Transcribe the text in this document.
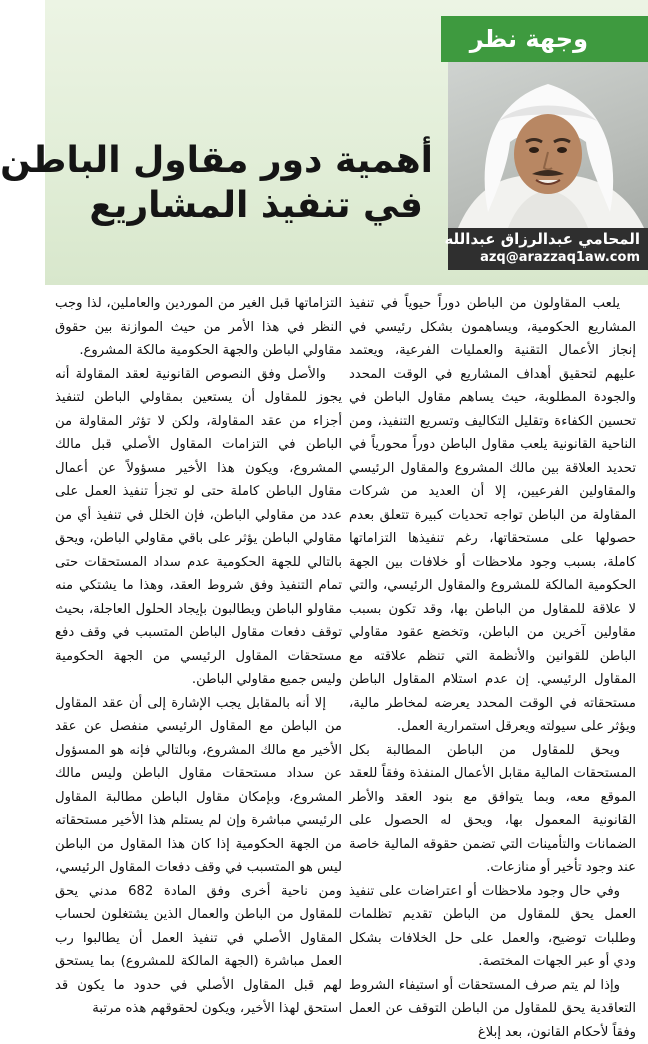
وجهة نظر
المحامي عبدالرزاق عبدالله
azq@arazzaq1aw.com
أهمية دور مقاول الباطن
في تنفيذ المشاريع

يلعب المقاولون من الباطن دوراً حيوياً في تنفيذ المشاريع الحكومية، ويساهمون بشكل رئيسي في إنجاز الأعمال التقنية والعمليات الفرعية، ويعتمد عليهم لتحقيق أهداف المشاريع في الوقت المحدد والجودة المطلوبة، حيث يساهم مقاول الباطن في تحسين الكفاءة وتقليل التكاليف وتسريع التنفيذ، ومن الناحية القانونية يلعب مقاول الباطن دوراً محورياً في تحديد العلاقة بين مالك المشروع والمقاول الرئيسي والمقاولين الفرعيين، إلا أن العديد من شركات المقاولة من الباطن تواجه تحديات كبيرة تتعلق بعدم حصولها على مستحقاتها، رغم تنفيذها التزاماتها كاملة، بسبب وجود ملاحظات أو خلافات بين الجهة الحكومية المالكة للمشروع والمقاول الرئيسي، والتي لا علاقة للمقاول من الباطن بها، وقد تكون بسبب مقاولين آخرين من الباطن، وتخضع عقود مقاولي الباطن للقوانين والأنظمة التي تنظم علاقته مع المقاول الرئيسي. إن عدم استلام المقاول الباطن مستحقاته في الوقت المحدد يعرضه لمخاطر مالية، ويؤثر على سيولته ويعرقل استمرارية العمل.

ويحق للمقاول من الباطن المطالبة بكل المستحقات المالية مقابل الأعمال المنفذة وفقاً للعقد الموقع معه، وبما يتوافق مع بنود العقد والأطر القانونية المعمول بها، ويحق له الحصول على الضمانات والتأمينات التي تضمن حقوقه المالية خاصة عند وجود تأخير أو منازعات.

وفي حال وجود ملاحظات أو اعتراضات على تنفيذ العمل يحق للمقاول من الباطن تقديم تظلمات وطلبات توضيح، والعمل على حل الخلافات بشكل ودي أو عبر الجهات المختصة.

وإذا لم يتم صرف المستحقات أو استيفاء الشروط التعاقدية يحق للمقاول من الباطن التوقف عن العمل وفقاً لأحكام القانون، بعد إبلاغ

التزاماتها قبل الغير من الموردين والعاملين، لذا وجب النظر في هذا الأمر من حيث الموازنة بين حقوق مقاولي الباطن والجهة الحكومية مالكة المشروع.

والأصل وفق النصوص القانونية لعقد المقاولة أنه يجوز للمقاول أن يستعين بمقاولي الباطن لتنفيذ أجزاء من عقد المقاولة، ولكن لا تؤثر المقاولة من الباطن في التزامات المقاول الأصلي قبل مالك المشروع، ويكون هذا الأخير مسؤولاً عن أعمال مقاول الباطن كاملة حتى لو تجزأ تنفيذ العمل على عدد من مقاولي الباطن، فإن الخلل في تنفيذ أي من مقاولي الباطن يؤثر على باقي مقاولي الباطن، ويحق بالتالي للجهة الحكومية عدم سداد المستحقات حتى تمام التنفيذ وفق شروط العقد، وهذا ما يشتكي منه مقاولو الباطن ويطالبون بإيجاد الحلول العاجلة، بحيث توقف دفعات مقاول الباطن المتسبب في وقف دفع مستحقات المقاول الرئيسي من الجهة الحكومية وليس جميع مقاولي الباطن.

إلا أنه بالمقابل يجب الإشارة إلى أن عقد المقاول من الباطن مع المقاول الرئيسي منفصل عن عقد الأخير مع مالك المشروع، وبالتالي فإنه هو المسؤول عن سداد مستحقات مقاول الباطن وليس مالك المشروع، وبإمكان مقاول الباطن مطالبة المقاول الرئيسي مباشرة وإن لم يستلم هذا الأخير مستحقاته من الجهة الحكومية إذا كان هذا المقاول من الباطن ليس هو المتسبب في وقف دفعات المقاول الرئيسي، ومن ناحية أخرى وفق المادة 682 مدني يحق للمقاول من الباطن والعمال الذين يشتغلون لحساب المقاول الأصلي في تنفيذ العمل أن يطالبوا رب العمل مباشرة (الجهة المالكة للمشروع) بما يستحق لهم قبل المقاول الأصلي في حدود ما يكون قد استحق لهذا الأخير، ويكون لحقوقهم هذه مرتبة
